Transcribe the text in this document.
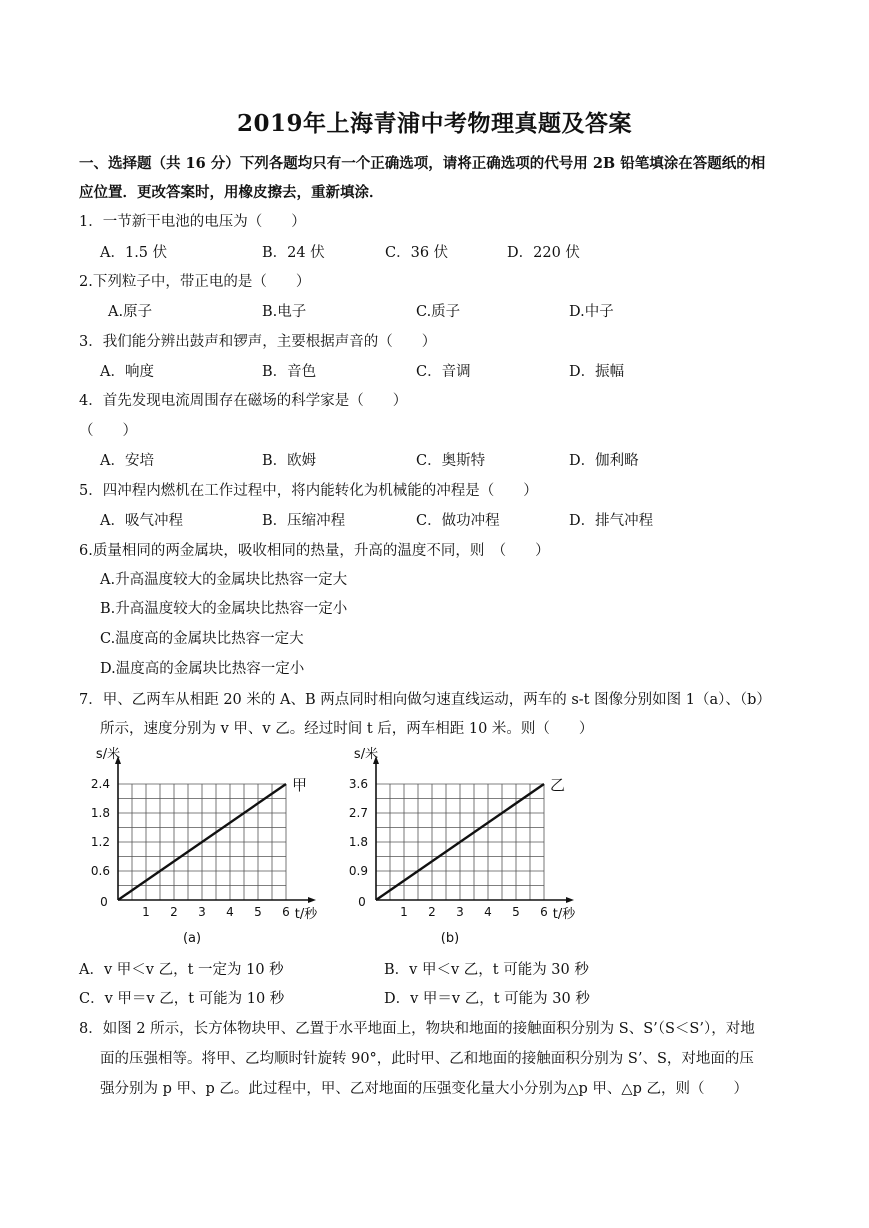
2019年上海青浦中考物理真题及答案
一、选择题（共 16 分）下列各题均只有一个正确选项，请将正确选项的代号用 2B 铅笔填涂在答题纸的相
应位置．更改答案时，用橡皮擦去，重新填涂．
1．一节新干电池的电压为（　　）
A．1.5 伏	B．24 伏	C．36 伏	D．220 伏
2.下列粒子中，带正电的是（　　）
A.原子	B.电子	C.质子	D.中子
3．我们能分辨出鼓声和锣声，主要根据声音的（　　）
A．响度	B．音色	C．音调	D．振幅
4．首先发现电流周围存在磁场的科学家是（　　）
（　　）
A．安培	B．欧姆	C．奥斯特	D．伽利略
5．四冲程内燃机在工作过程中，将内能转化为机械能的冲程是（　　）
A．吸气冲程	B．压缩冲程	C．做功冲程	D．排气冲程
6.质量相同的两金属块，吸收相同的热量，升高的温度不同，则　（　　）
A.升高温度较大的金属块比热容一定大
B.升高温度较大的金属块比热容一定小
C.温度高的金属块比热容一定大
D.温度高的金属块比热容一定小
7．甲、乙两车从相距 20 米的 A、B 两点同时相向做匀速直线运动，两车的 s-t 图像分别如图 1（a）、（b）
所示，速度分别为 v 甲、v 乙。经过时间 t 后，两车相距 10 米。则（　　）
1 2 3 4 5 6
0
0.6
1.2
1.8
2.4
s/米
t/秒
甲
(a)
1 2 3 4 5 6
0
0.9
1.8
2.7
3.6
s/米
t/秒
乙
(b)
A．v 甲＜v 乙，t 一定为 10 秒	B．v 甲＜v 乙，t 可能为 30 秒
C．v 甲＝v 乙，t 可能为 10 秒	D．v 甲＝v 乙，t 可能为 30 秒
8．如图 2 所示，长方体物块甲、乙置于水平地面上，物块和地面的接触面积分别为 S、S’（S＜S’），对地
面的压强相等。将甲、乙均顺时针旋转 90°，此时甲、乙和地面的接触面积分别为 S’、S，对地面的压
强分别为 p 甲、p 乙。此过程中，甲、乙对地面的压强变化量大小分别为△p 甲、△p 乙，则（　　）
